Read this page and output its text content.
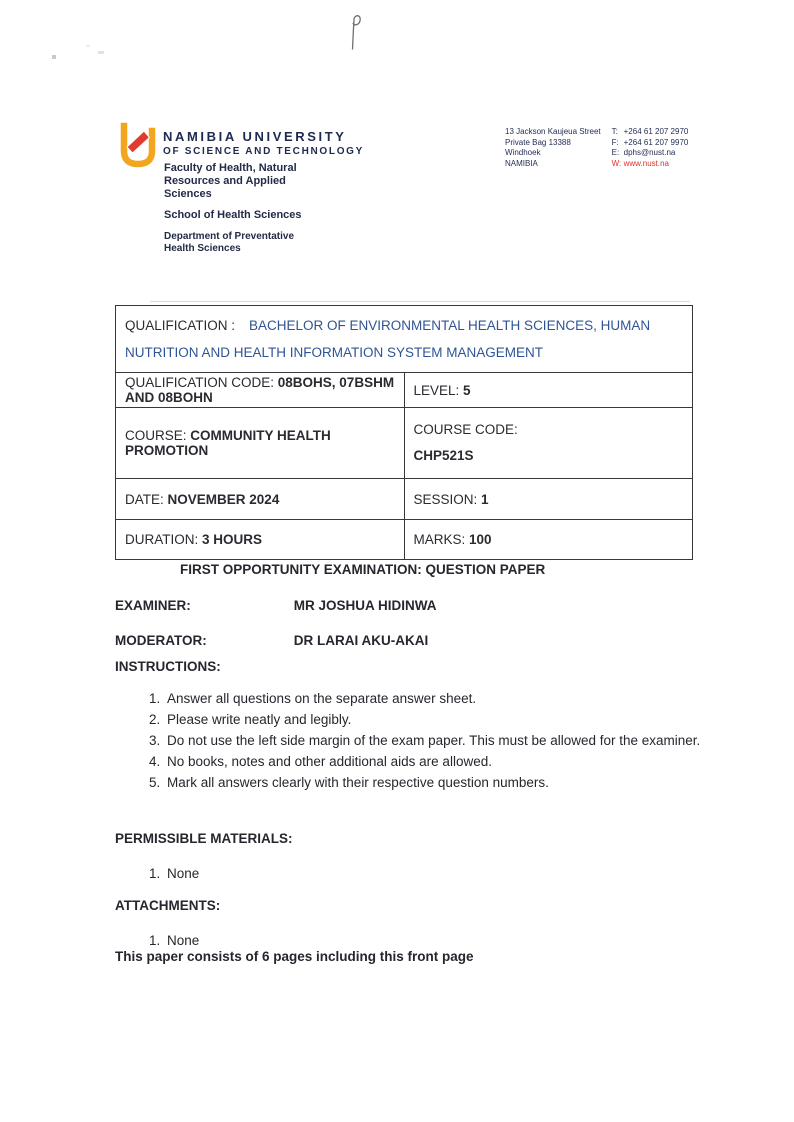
NAMIBIA UNIVERSITY
OF SCIENCE AND TECHNOLOGY
Faculty of Health, Natural Resources and Applied Sciences
School of Health Sciences
Department of Preventative Health Sciences
13 Jackson Kaujeua Street
Private Bag 13388
Windhoek
NAMIBIA
T: +264 61 207 2970
F: +264 61 207 9970
E: dphs@nust.na
W: www.nust.na
QUALIFICATION : BACHELOR OF ENVIRONMENTAL HEALTH SCIENCES, HUMAN NUTRITION AND HEALTH INFORMATION SYSTEM MANAGEMENT	
QUALIFICATION CODE: 08BOHS, 07BSHM AND 08BOHN	LEVEL: 5
COURSE: COMMUNITY HEALTH PROMOTION	COURSE CODE:
CHP521S

DATE: NOVEMBER 2024	SESSION: 1
DURATION: 3 HOURS	MARKS: 100
FIRST OPPORTUNITY EXAMINATION: QUESTION PAPER
EXAMINER:	MR JOSHUA HIDINWA
MODERATOR:	DR LARAI AKU-AKAI
INSTRUCTIONS:
1. Answer all questions on the separate answer sheet.
2. Please write neatly and legibly.
3. Do not use the left side margin of the exam paper. This must be allowed for the examiner.
4. No books, notes and other additional aids are allowed.
5. Mark all answers clearly with their respective question numbers.
PERMISSIBLE MATERIALS:
1. None
ATTACHMENTS:
1. None
This paper consists of 6 pages including this front page
